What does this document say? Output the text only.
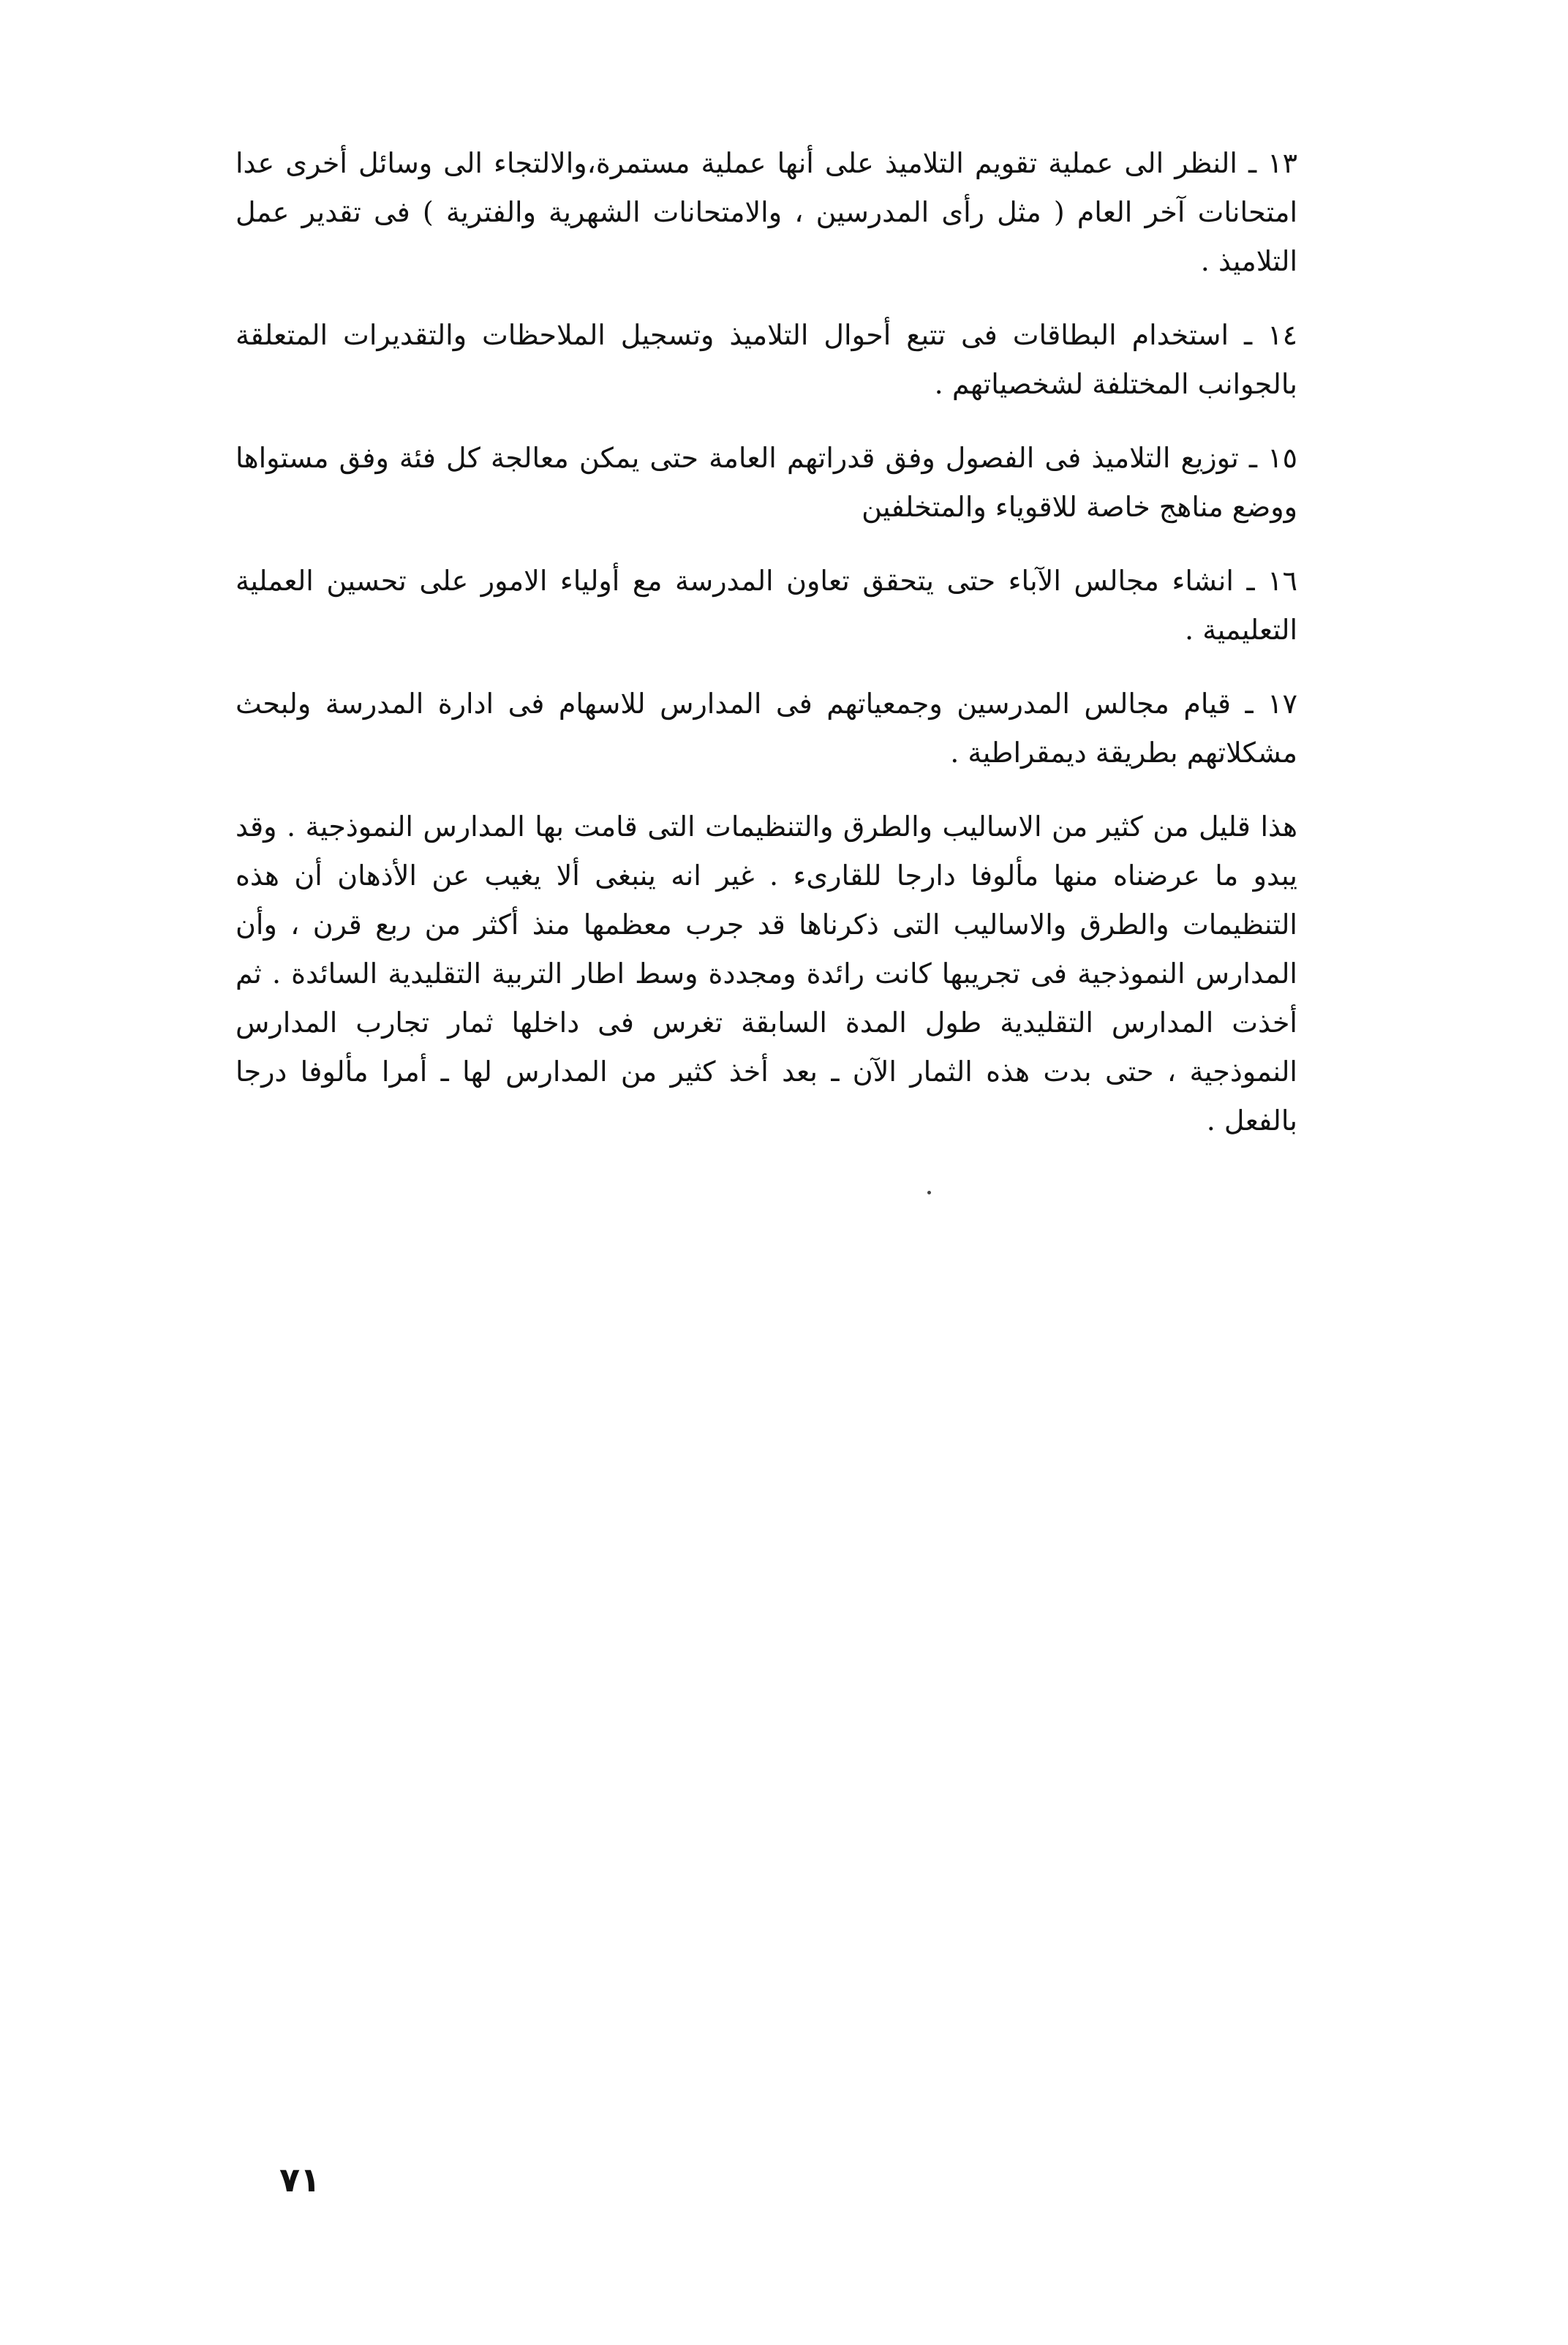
١٣ ـ النظر الى عملية تقويم التلاميذ على أنها عملية مستمرة،والالتجاء الى وسائل أخرى عدا امتحانات آخر العام ( مثل رأى المدرسين ، والامتحانات الشهرية والفترية ) فى تقدير عمل التلاميذ .

١٤ ـ استخدام البطاقات فى تتبع أحوال التلاميذ وتسجيل الملاحظات والتقديرات المتعلقة بالجوانب المختلفة لشخصياتهم .

١٥ ـ توزيع التلاميذ فى الفصول وفق قدراتهم العامة حتى يمكن معالجة كل فئة وفق مستواها ووضع مناهج خاصة للاقوياء والمتخلفين

١٦ ـ انشاء مجالس الآباء حتى يتحقق تعاون المدرسة مع أولياء الامور على تحسين العملية التعليمية .

١٧ ـ قيام مجالس المدرسين وجمعياتهم فى المدارس للاسهام فى ادارة المدرسة ولبحث مشكلاتهم بطريقة ديمقراطية .

هذا قليل من كثير من الاساليب والطرق والتنظيمات التى قامت بها المدارس النموذجية . وقد يبدو ما عرضناه منها مألوفا دارجا للقارىء . غير انه ينبغى ألا يغيب عن الأذهان أن هذه التنظيمات والطرق والاساليب التى ذكرناها قد جرب معظمها منذ أكثر من ربع قرن ، وأن المدارس النموذجية فى تجريبها كانت رائدة ومجددة وسط اطار التربية التقليدية السائدة . ثم أخذت المدارس التقليدية طول المدة السابقة تغرس فى داخلها ثمار تجارب المدارس النموذجية ، حتى بدت هذه الثمار الآن ـ بعد أخذ كثير من المدارس لها ـ أمرا مألوفا درجا بالفعل .

٧١
